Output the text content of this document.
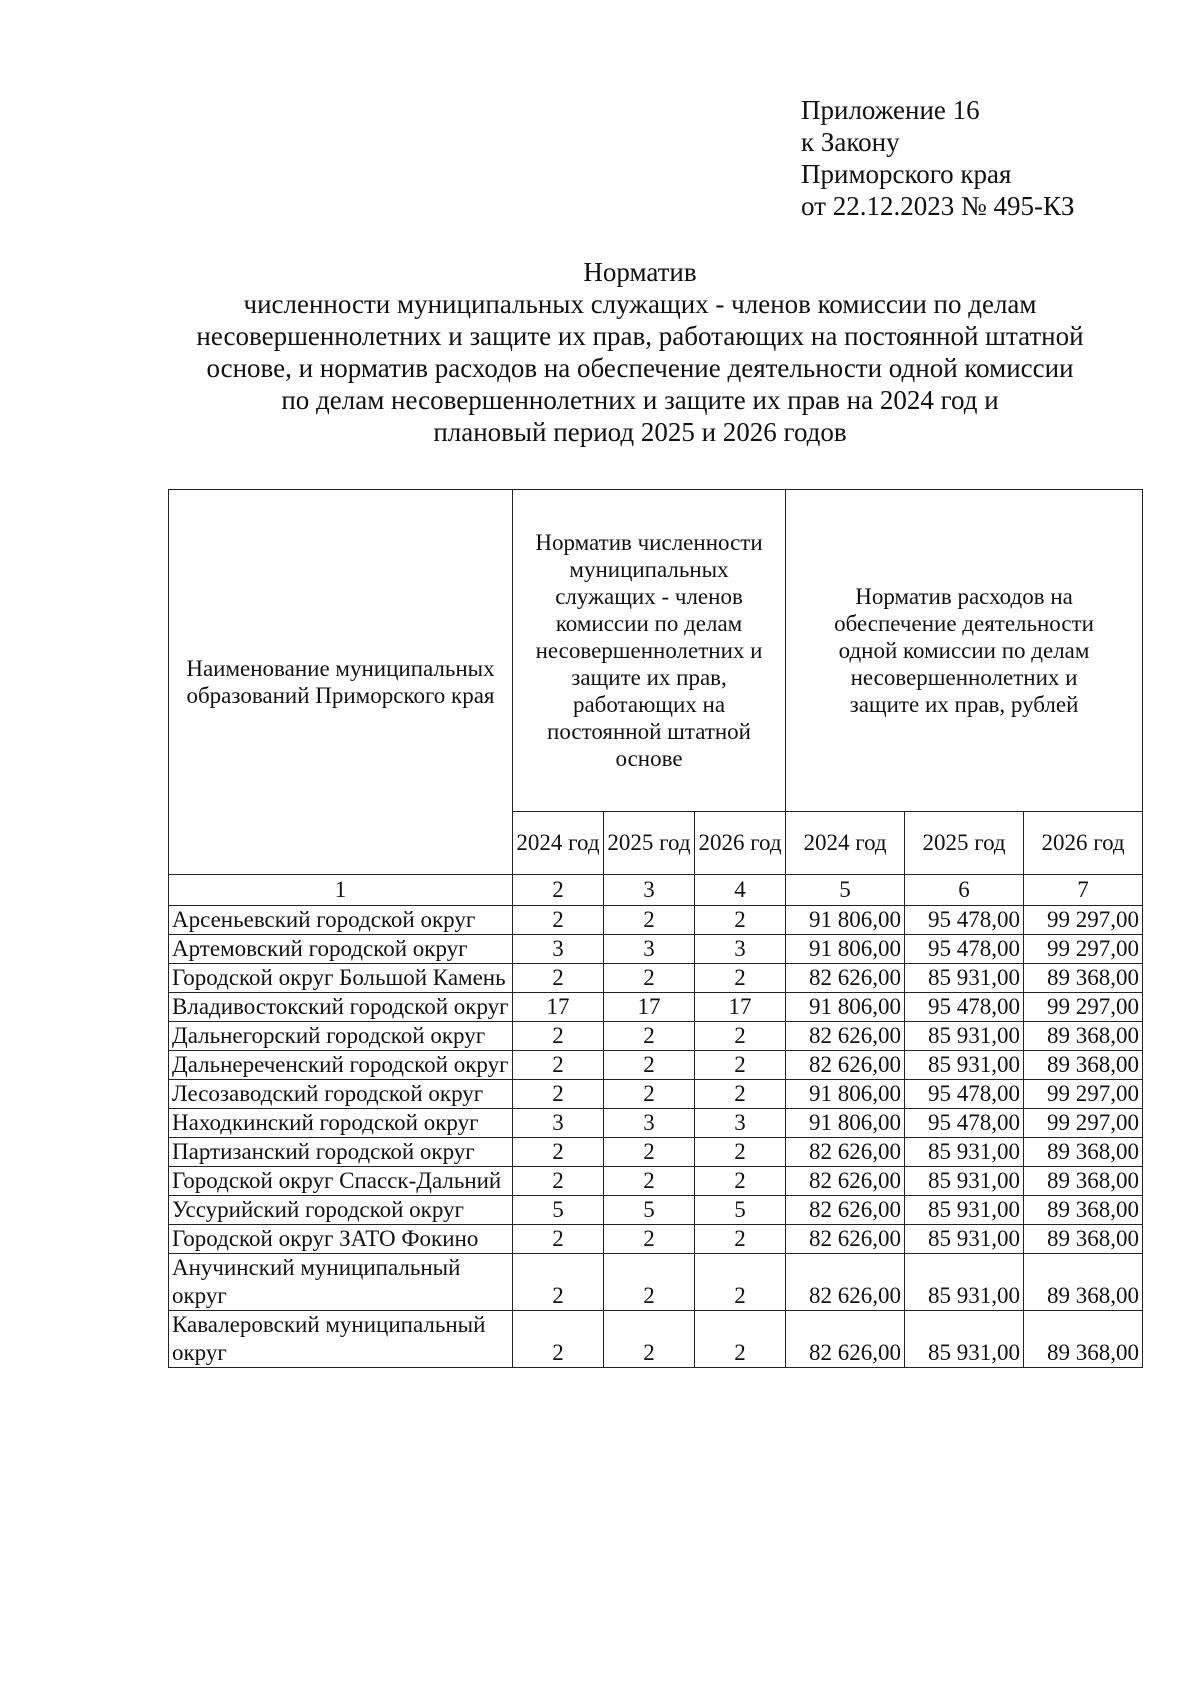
Приложение 16
к Закону
Приморского края
от 22.12.2023 № 495-КЗ
Норматив
численности муниципальных служащих - членов комиссии по делам
несовершеннолетних и защите их прав, работающих на постоянной штатной
основе, и норматив расходов на обеспечение деятельности одной комиссии
по делам несовершеннолетних и защите их прав на 2024 год и
плановый период 2025 и 2026 годов
Наименование муниципальных образований Приморского края	Норматив численности муниципальных служащих - членов комиссии по делам несовершеннолетних и защите их прав, работающих на постоянной штатной основе			Норматив расходов на обеспечение деятельности одной комиссии по делам несовершеннолетних и защите их прав, рублей		
	2024 год	2025 год	2026 год	2024 год	2025 год	2026 год
1	2	3	4	5	6	7
Арсеньевский городской округ	2	2	2	91 806,00	95 478,00	99 297,00
Артемовский городской округ	3	3	3	91 806,00	95 478,00	99 297,00
Городской округ Большой Камень	2	2	2	82 626,00	85 931,00	89 368,00
Владивостокский городской округ	17	17	17	91 806,00	95 478,00	99 297,00
Дальнегорский городской округ	2	2	2	82 626,00	85 931,00	89 368,00
Дальнереченский городской округ	2	2	2	82 626,00	85 931,00	89 368,00
Лесозаводский городской округ	2	2	2	91 806,00	95 478,00	99 297,00
Находкинский городской округ	3	3	3	91 806,00	95 478,00	99 297,00
Партизанский городской округ	2	2	2	82 626,00	85 931,00	89 368,00
Городской округ Спасск-Дальний	2	2	2	82 626,00	85 931,00	89 368,00
Уссурийский городской округ	5	5	5	82 626,00	85 931,00	89 368,00
Городской округ ЗАТО Фокино	2	2	2	82 626,00	85 931,00	89 368,00
Анучинский муниципальный округ	2	2	2	82 626,00	85 931,00	89 368,00
Кавалеровский муниципальный округ	2	2	2	82 626,00	85 931,00	89 368,00
